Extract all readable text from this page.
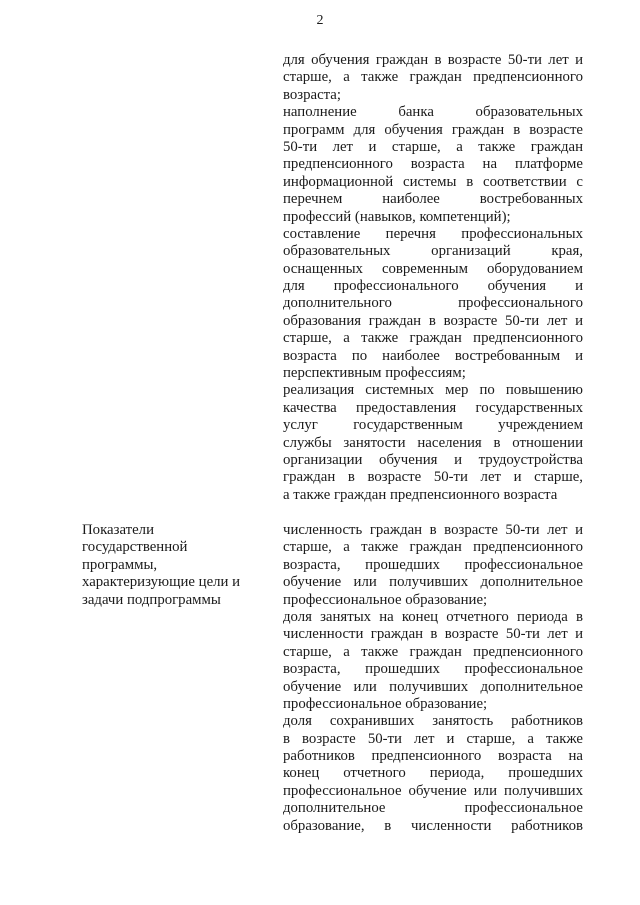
2
Показатели
государственной
программы,
характеризующие цели и
задачи подпрограммы
для обучения граждан в возрасте 50-ти лет и
старше, а также граждан предпенсионного
возраста;
наполнение банка образовательных
программ для обучения граждан в возрасте
50-ти лет и старше, а также граждан
предпенсионного возраста на платформе
информационной системы в соответствии с
перечнем наиболее востребованных
профессий (навыков, компетенций);
составление перечня профессиональных
образовательных организаций края,
оснащенных современным оборудованием
для профессионального обучения и
дополнительного профессионального
образования граждан в возрасте 50-ти лет и
старше, а также граждан предпенсионного
возраста по наиболее востребованным и
перспективным профессиям;
реализация системных мер по повышению
качества предоставления государственных
услуг государственным учреждением
службы занятости населения в отношении
организации обучения и трудоустройства
граждан в возрасте 50-ти лет и старше,
а также граждан предпенсионного возраста
численность граждан в возрасте 50-ти лет и
старше, а также граждан предпенсионного
возраста, прошедших профессиональное
обучение или получивших дополнительное
профессиональное образование;
доля занятых на конец отчетного периода в
численности граждан в возрасте 50-ти лет и
старше, а также граждан предпенсионного
возраста, прошедших профессиональное
обучение или получивших дополнительное
профессиональное образование;
доля сохранивших занятость работников
в возрасте 50-ти лет и старше, а также
работников предпенсионного возраста на
конец отчетного периода, прошедших
профессиональное обучение или получивших
дополнительное профессиональное
образование, в численности работников
